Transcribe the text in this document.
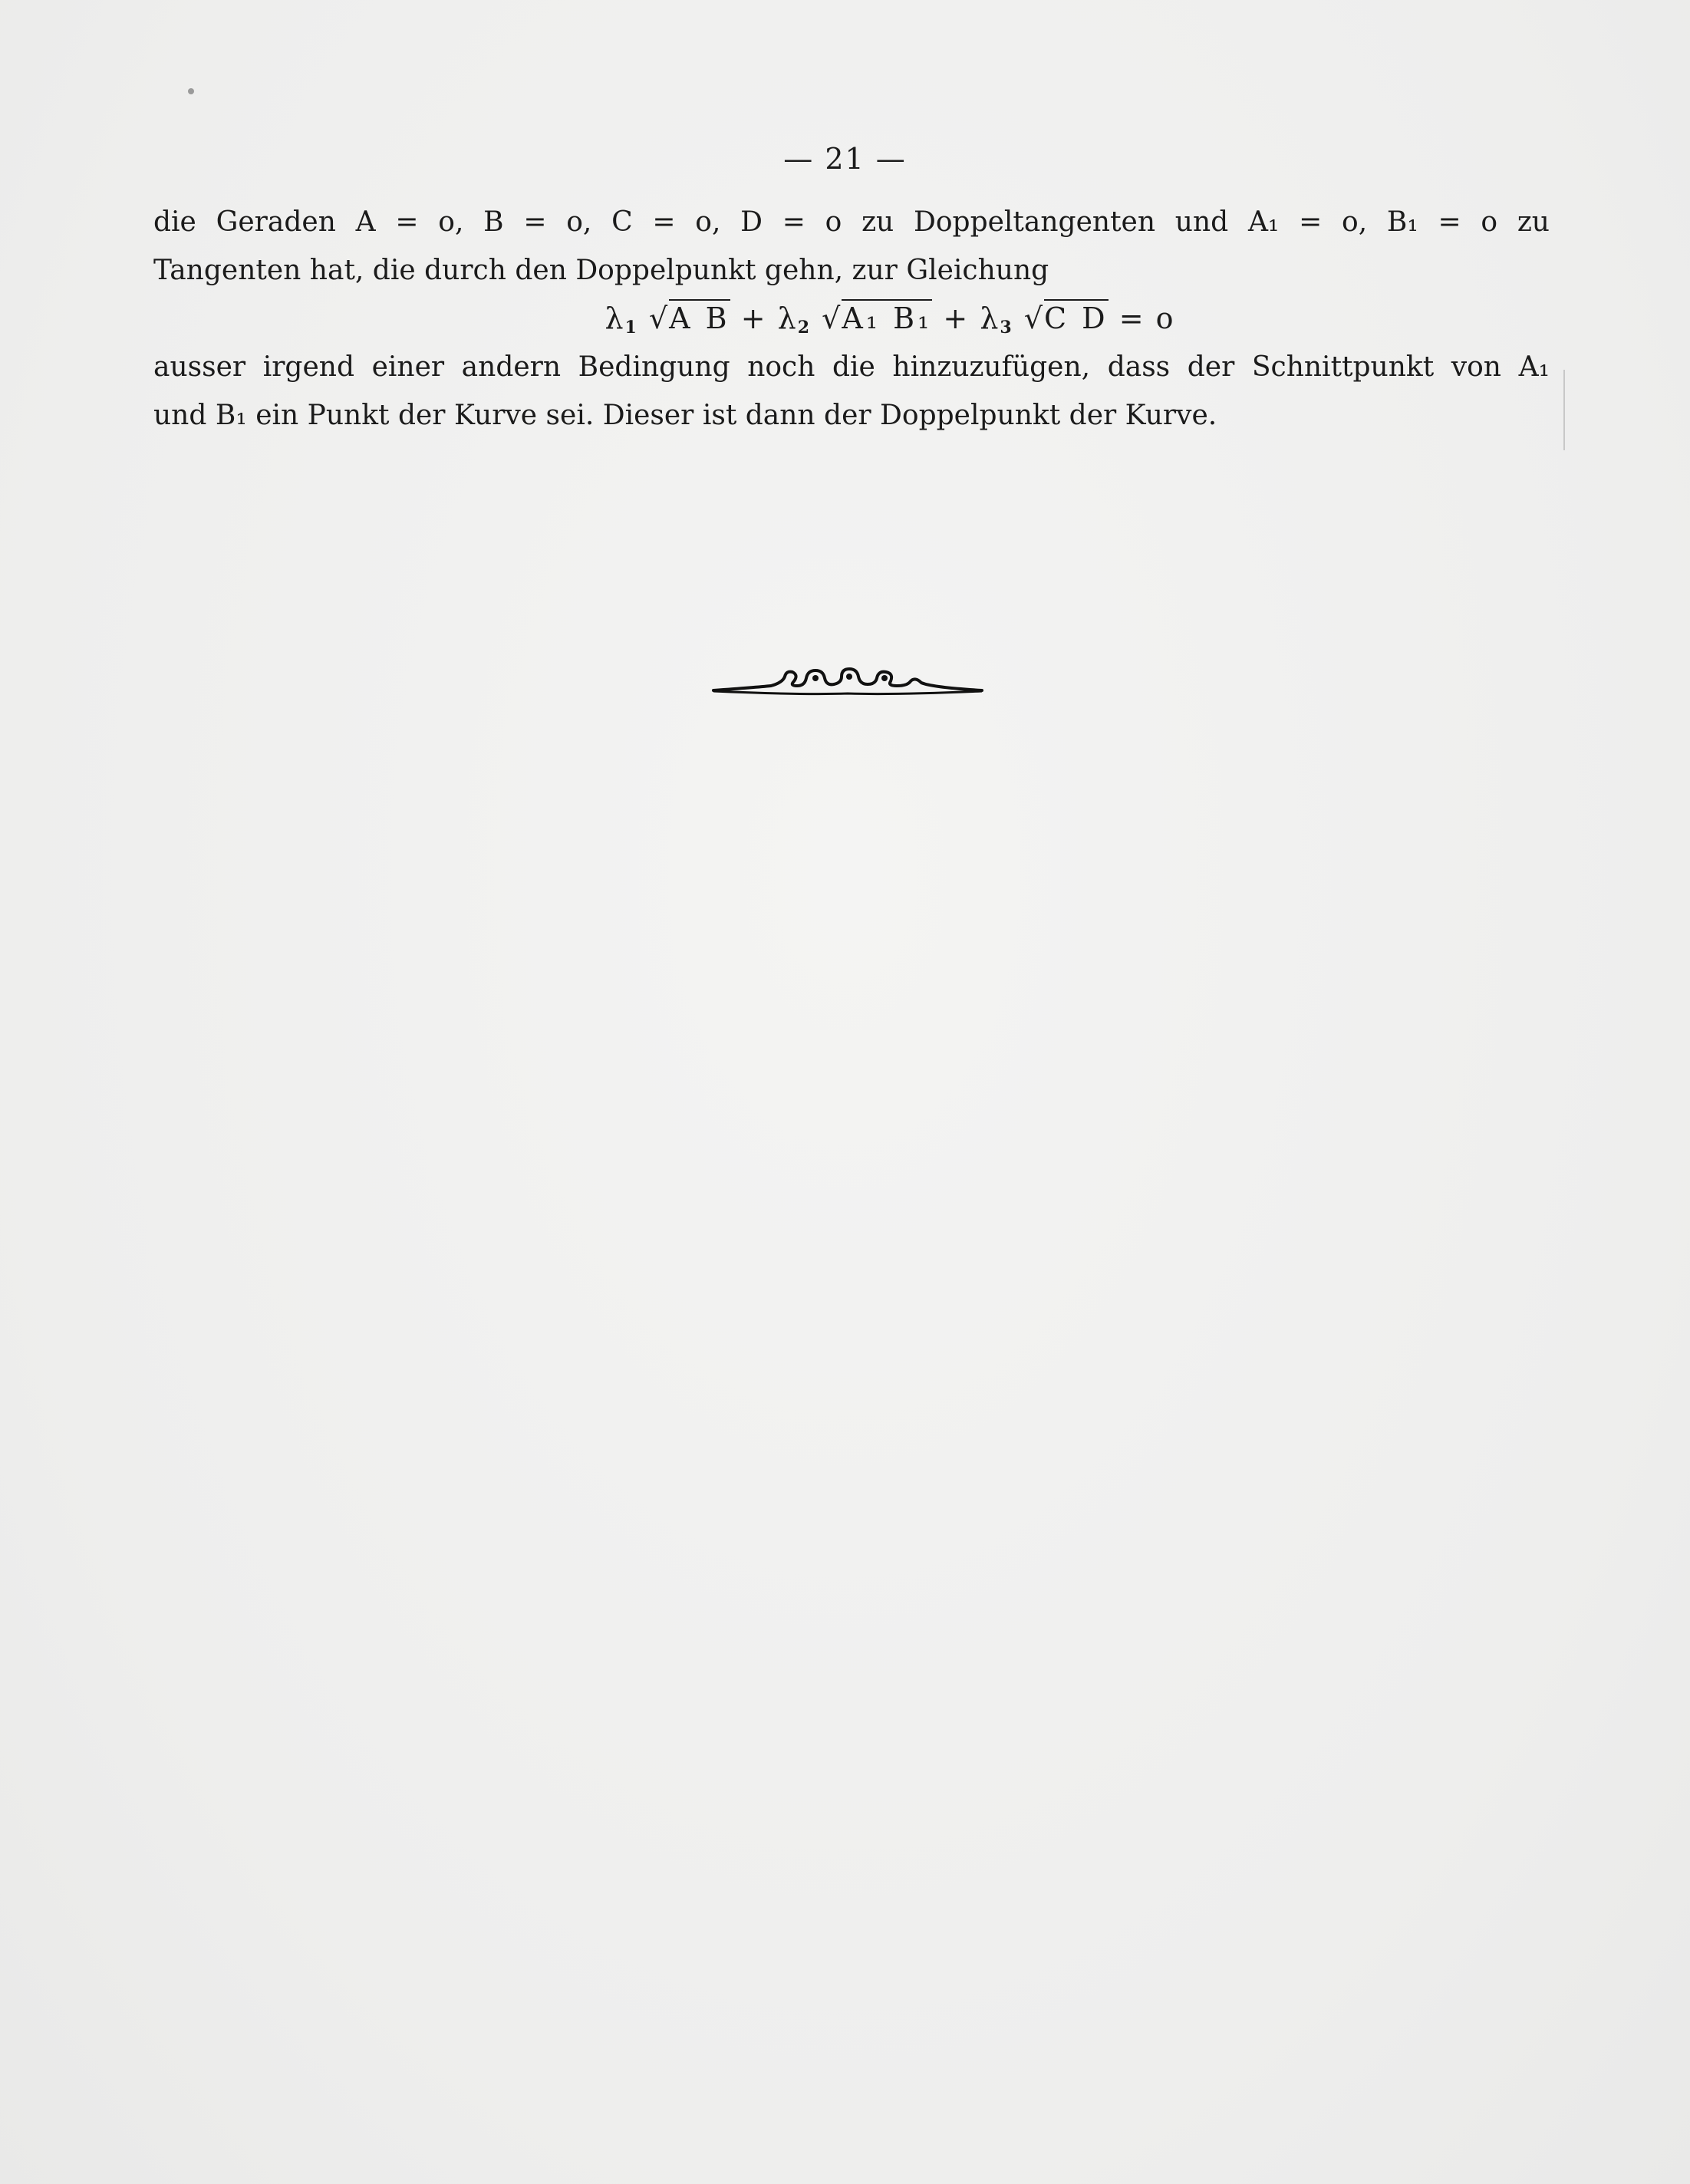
— 21 —
die Geraden A = o, B = o, C = o, D = o zu Doppeltangenten und A₁ = o, B₁ = o zu
Tangenten hat, die durch den Doppelpunkt gehn, zur Gleichung
$\lambda_1$ √A $B + \lambda_2$ √A₁ $B_1 + \lambda_3$ √C D = o
ausser irgend einer andern Bedingung noch die hinzuzufügen, dass der Schnittpunkt von A₁
und B₁ ein Punkt der Kurve sei. Dieser ist dann der Doppelpunkt der Kurve.
